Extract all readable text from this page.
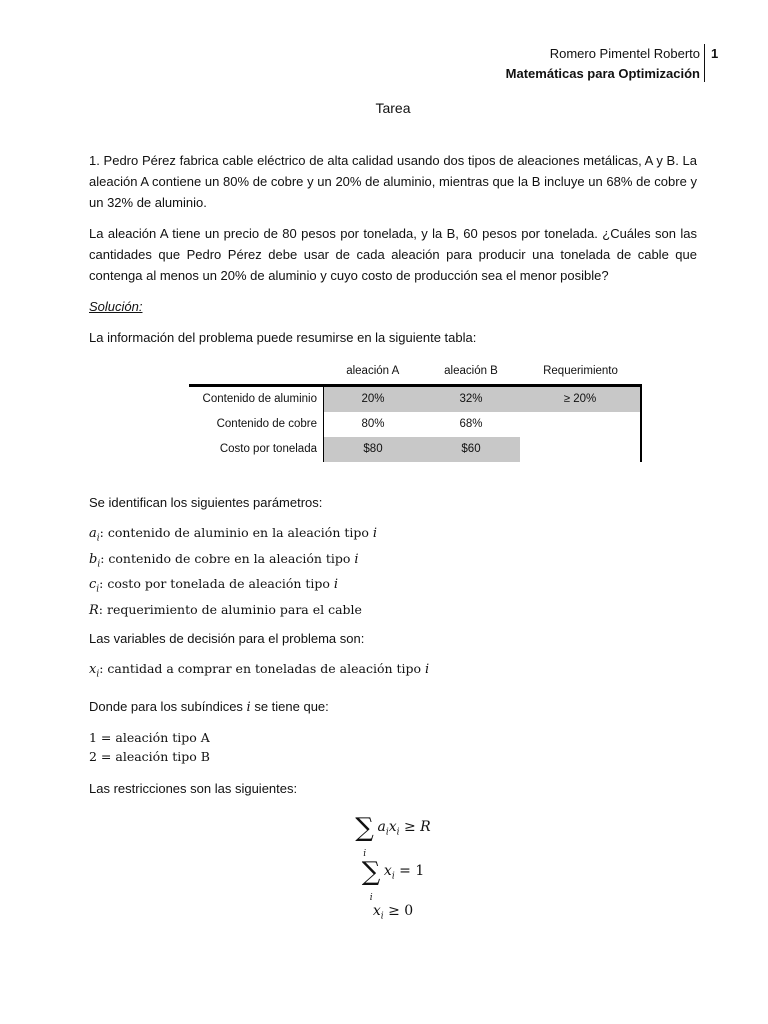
Romero Pimentel Roberto
Matemáticas para Optimización
1
Tarea

1. Pedro Pérez fabrica cable eléctrico de alta calidad usando dos tipos de aleaciones metálicas, A y B. La aleación A contiene un 80% de cobre y un 20% de aluminio, mientras que la B incluye un 68% de cobre y un 32% de aluminio.

La aleación A tiene un precio de 80 pesos por tonelada, y la B, 60 pesos por tonelada. ¿Cuáles son las cantidades que Pedro Pérez debe usar de cada aleación para producir una tonelada de cable que contenga al menos un 20% de aluminio y cuyo costo de producción sea el menor posible?

Solución:

La información del problema puede resumirse en la siguiente tabla:

	aleación A	aleación B	Requerimiento
Contenido de aluminio	20%	32%	≥ 20%
Contenido de cobre	80%	68%	
Costo por tonelada	$80	$60	

Se identifican los siguientes parámetros:

$a_i$: contenido de aluminio en la aleación tipo i

$b_i$: contenido de cobre en la aleación tipo i

$c_i$: costo por tonelada de aleación tipo i

R: requerimiento de aluminio para el cable

Las variables de decisión para el problema son:

$x_i$: cantidad a comprar en toneladas de aleación tipo i

Donde para los subíndices i se tiene que:

1 = aleación tipo A

2 = aleación tipo B

Las restricciones son las siguientes:

∑
i
$a_ix_i \ge R$
∑
i
$x_i = 1$
$x_i \ge 0$
